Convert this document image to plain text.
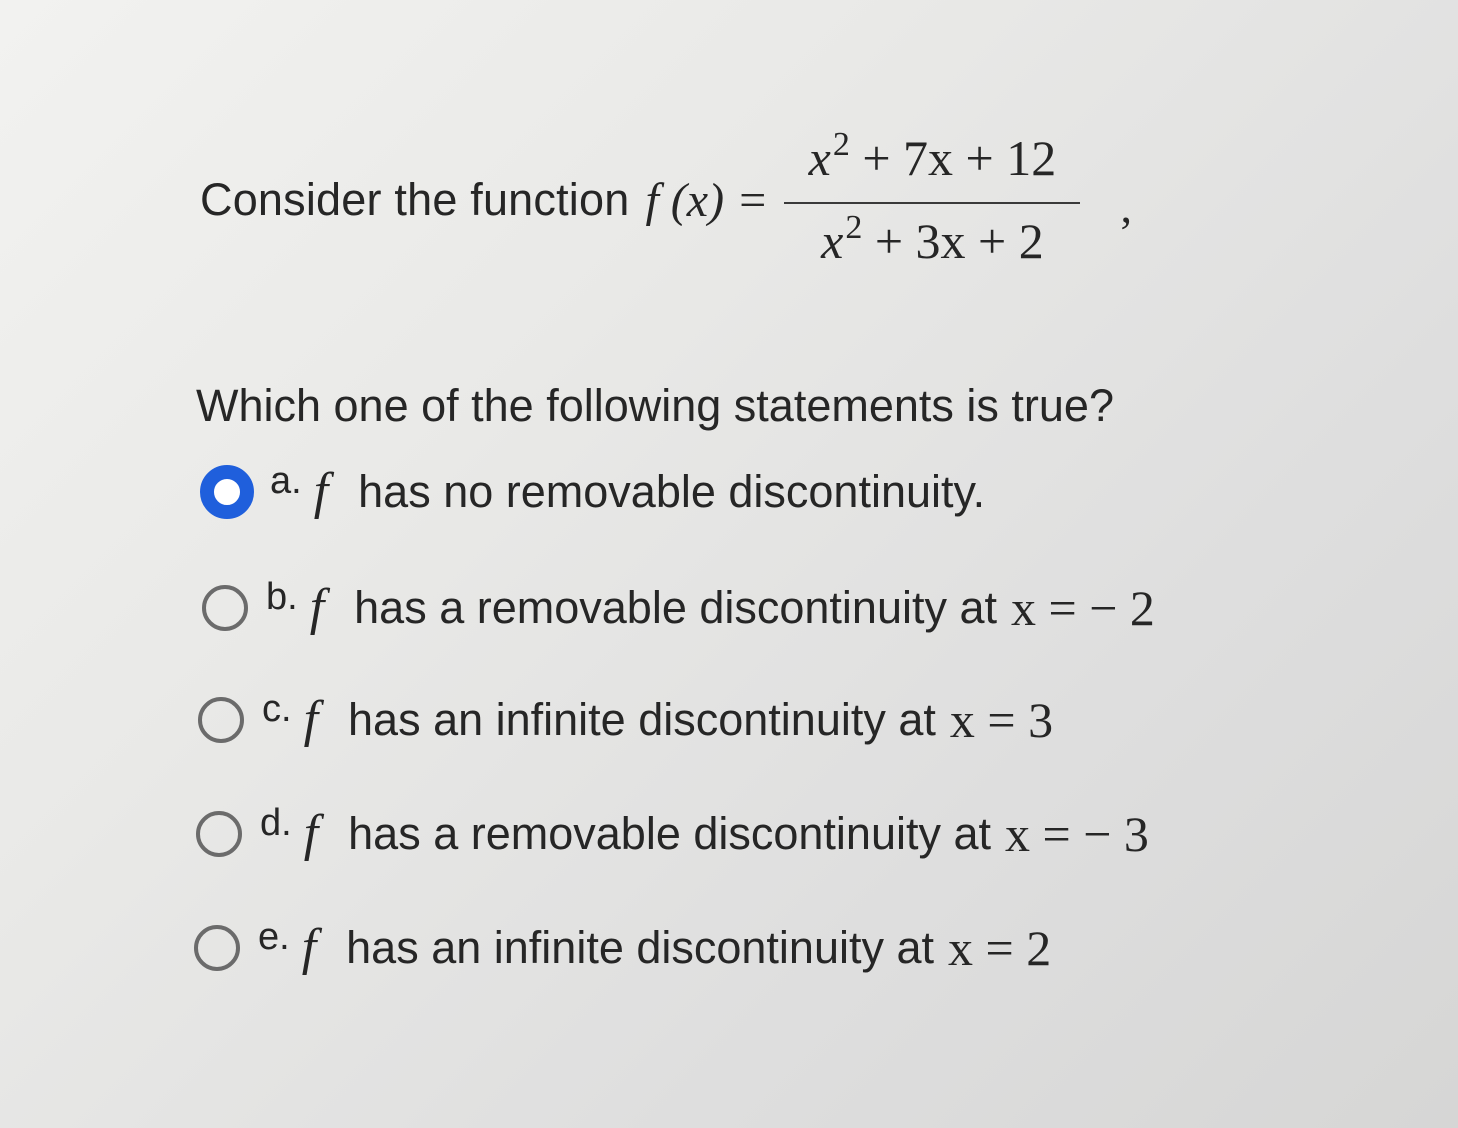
Consider the function f $(x) = \frac{x^2 + 7x + 12}{x^2 + 3x + 2}$ ,
Which one of the following statements is true?
a. f has no removable discontinuity.
b. f has a removable discontinuity at x = − 2
c. f has an infinite discontinuity at x = 3
d. f has a removable discontinuity at x = − 3
e. f has an infinite discontinuity at x = 2
